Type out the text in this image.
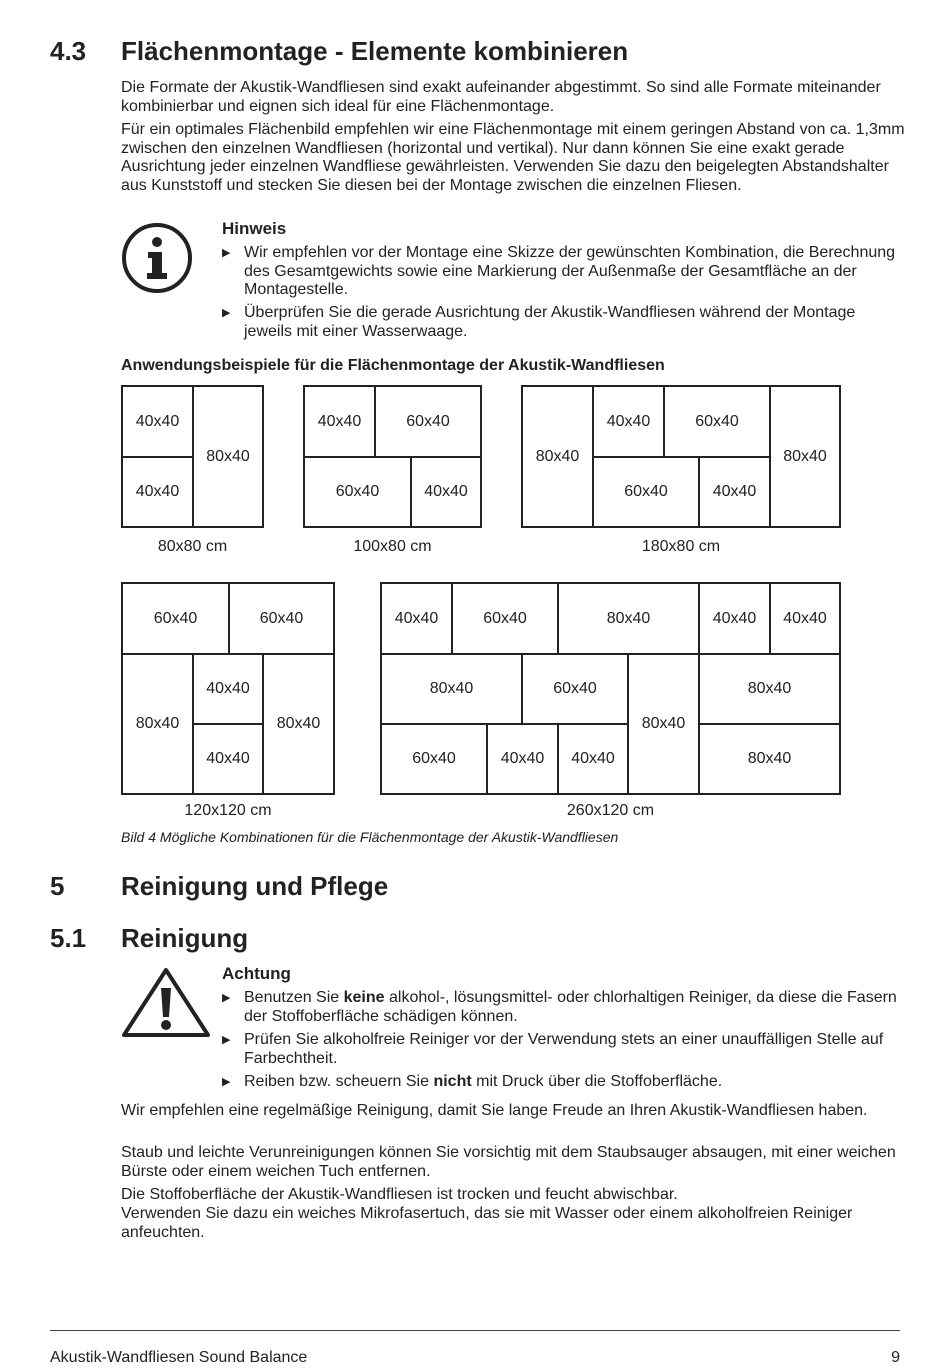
4.3 Flächenmontage - Elemente kombinieren

Die Formate der Akustik-Wandfliesen sind exakt aufeinander abgestimmt. So sind alle Formate miteinander kombinierbar und eignen sich ideal für eine Flächenmontage.

Für ein optimales Flächenbild empfehlen wir eine Flächenmontage mit einem geringen Abstand von ca. 1,3mm zwischen den einzelnen Wandfliesen (horizontal und vertikal). Nur dann können Sie eine exakt gerade Ausrichtung jeder einzelnen Wandfliese gewährleisten. Verwenden Sie dazu den beigelegten Abstandshalter aus Kunststoff und stecken Sie diesen bei der Montage zwischen die einzelnen Fliesen.

Hinweis
▶ Wir empfehlen vor der Montage eine Skizze der gewünschten Kombination, die Berechnung des Gesamtgewichts sowie eine Markierung der Außenmaße der Gesamtfläche an der Montagestelle.
▶ Überprüfen Sie die gerade Ausrichtung der Akustik-Wandfliesen während der Montage jeweils mit einer Wasserwaage.
Anwendungsbeispiele für die Flächenmontage der Akustik-Wandfliesen
40x40
40x40
80x40
80x80 cm
40x40	60x40
60x40	40x40
100x80 cm
80x40
40x40	60x40
60x40	40x40
80x40
180x80 cm
60x40	60x40
80x40
40x40
40x40
80x40
120x120 cm
40x40	60x40	80x40	40x40	40x40
80x40	60x40
80x40
80x40
60x40	40x40	40x40	80x40
260x120 cm
Bild 4 Mögliche Kombinationen für die Flächenmontage der Akustik-Wandfliesen
5 Reinigung und Pflege
5.1 Reinigung
Achtung
▶ Benutzen Sie keine alkohol-, lösungsmittel- oder chlorhaltigen Reiniger, da diese die Fasern der Stoffoberfläche schädigen können.
▶ Prüfen Sie alkoholfreie Reiniger vor der Verwendung stets an einer unauffälligen Stelle auf Farbechtheit.
▶ Reiben bzw. scheuern Sie nicht mit Druck über die Stoffoberfläche.

Wir empfehlen eine regelmäßige Reinigung, damit Sie lange Freude an Ihren Akustik-Wandfliesen haben.

Staub und leichte Verunreinigungen können Sie vorsichtig mit dem Staubsauger absaugen, mit einer weichen Bürste oder einem weichen Tuch entfernen.

Die Stoffoberfläche der Akustik-Wandfliesen ist trocken und feucht abwischbar.

Verwenden Sie dazu ein weiches Mikrofasertuch, das sie mit Wasser oder einem alkoholfreien Reiniger anfeuchten.

Akustik-Wandfliesen Sound Balance	9
